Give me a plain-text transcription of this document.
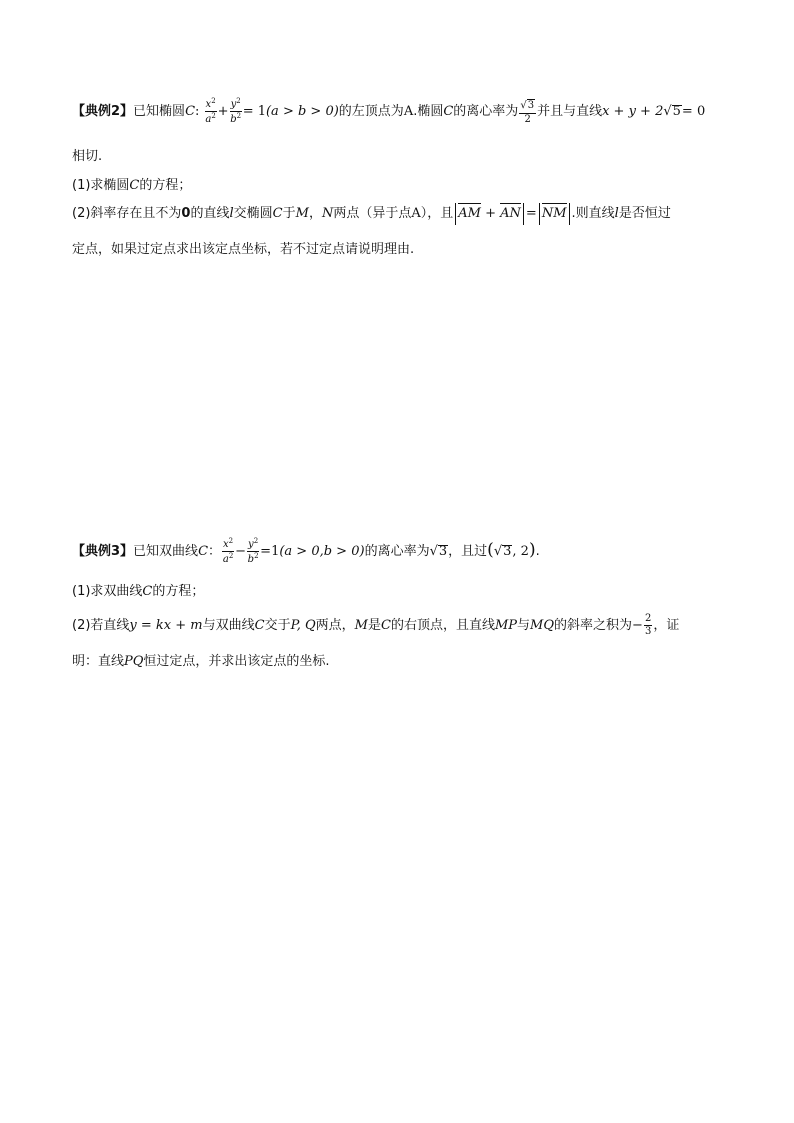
【典例2】已知椭圆C: $\frac{x^2}{a^2} + \frac{y^2}{b^2} = 1(a > b > 0)$的左顶点为A.椭圆C的离心率为 $\frac{√3}{2}$ 并且与直线x + y + 2√5= 0
相切.
(1)求椭圆C的方程；
(2)斜率存在且不为0的直线l交椭圆C于M，N两点（异于点A），且 AM + AN = NM .则直线l是否恒过
定点，如果过定点求出该定点坐标，若不过定点请说明理由.
【典例3】已知双曲线C： $\frac{x^2}{a^2} - \frac{y^2}{b^2} =1(a > 0,b > 0)$的离心率为√3，且过(√3, 2).
(1)求双曲线C的方程；
(2)若直线y = kx + m与双曲线C交于P, Q两点，M是C的右顶点，且直线MP与MQ的斜率之积为− $\frac{2}{3}$ ，证
明：直线PQ恒过定点，并求出该定点的坐标.
